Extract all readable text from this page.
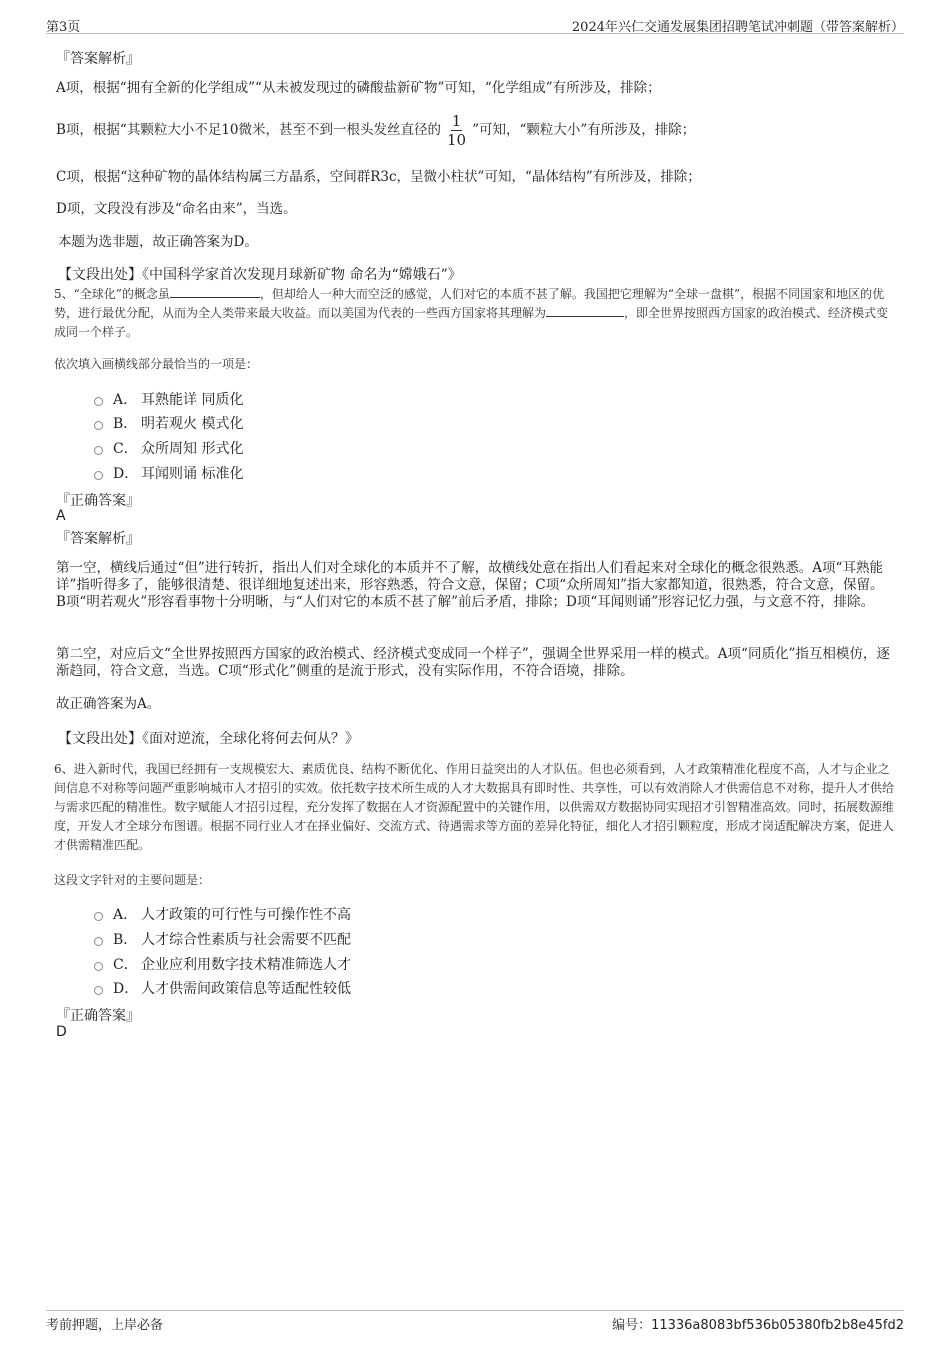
第3页	2024年兴仁交通发展集团招聘笔试冲刺题（带答案解析）
『答案解析』
A项，根据“拥有全新的化学组成”“从未被发现过的磷酸盐新矿物”可知，“化学组成”有所涉及，排除；
B项，根据“其颗粒大小不足10微米，甚至不到一根头发丝直径的 $\frac{1}{10}$ ”可知，“颗粒大小”有所涉及，排除；
C项，根据“这种矿物的晶体结构属三方晶系，空间群R3c，呈微小柱状”可知，“晶体结构”有所涉及，排除；
D项，文段没有涉及“命名由来”，当选。
本题为选非题，故正确答案为D。
【文段出处】《中国科学家首次发现月球新矿物 命名为“嫦娥石”》
5、“全球化”的概念虽	，但却给人一种大而空泛的感觉，人们对它的本质不甚了解。我国把它理解为“全球一盘棋”，根据不同国家和地区的优势，进行最优分配，从而为全人类带来最大收益。而以美国为代表的一些西方国家将其理解为	，即全世界按照西方国家的政治模式、经济模式变成同一个样子。
依次填入画横线部分最恰当的一项是：
A． 耳熟能详 同质化
B． 明若观火 模式化
C． 众所周知 形式化
D． 耳闻则诵 标准化
『正确答案』
A
『答案解析』
第一空，横线后通过“但”进行转折，指出人们对全球化的本质并不了解，故横线处意在指出人们看起来对全球化的概念很熟悉。A项“耳熟能详”指听得多了，能够很清楚、很详细地复述出来，形容熟悉，符合文意，保留；C项“众所周知”指大家都知道，很熟悉，符合文意，保留。B项“明若观火”形容看事物十分明晰，与“人们对它的本质不甚了解”前后矛盾，排除；D项“耳闻则诵”形容记忆力强，与文意不符，排除。
第二空，对应后文“全世界按照西方国家的政治模式、经济模式变成同一个样子”，强调全世界采用一样的模式。A项“同质化”指互相模仿，逐渐趋同，符合文意，当选。C项“形式化”侧重的是流于形式，没有实际作用，不符合语境，排除。
故正确答案为A。
【文段出处】《面对逆流，全球化将何去何从？》
6、进入新时代，我国已经拥有一支规模宏大、素质优良、结构不断优化、作用日益突出的人才队伍。但也必须看到，人才政策精准化程度不高，人才与企业之间信息不对称等问题严重影响城市人才招引的实效。依托数字技术所生成的人才大数据具有即时性、共享性，可以有效消除人才供需信息不对称，提升人才供给与需求匹配的精准性。数字赋能人才招引过程，充分发挥了数据在人才资源配置中的关键作用，以供需双方数据协同实现招才引智精准高效。同时，拓展数源维度，开发人才全球分布图谱。根据不同行业人才在择业偏好、交流方式、待遇需求等方面的差异化特征，细化人才招引颗粒度，形成才岗适配解决方案，促进人才供需精准匹配。
这段文字针对的主要问题是：
A． 人才政策的可行性与可操作性不高
B． 人才综合性素质与社会需要不匹配
C． 企业应利用数字技术精准筛选人才
D． 人才供需间政策信息等适配性较低
『正确答案』
D
考前押题，上岸必备	编号：11336a8083bf536b05380fb2b8e45fd2
